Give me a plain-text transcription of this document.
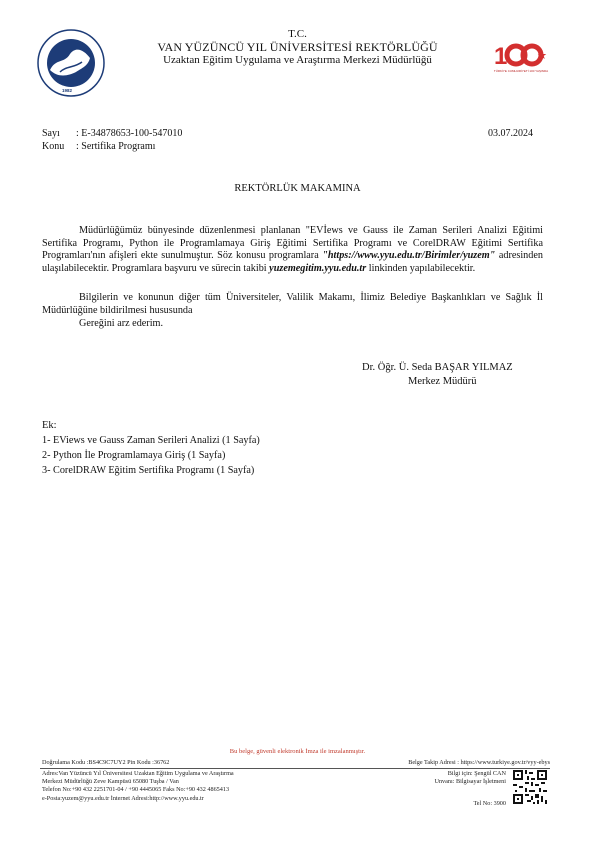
1982
1
TÜRKİYE CUMHURİYETİ 100 YAŞINDA
T.C.
VAN YÜZÜNCÜ YIL ÜNİVERSİTESİ REKTÖRLÜĞÜ
Uzaktan Eğitim Uygulama ve Araştırma Merkezi Müdürlüğü
Sayı : E-34878653-100-547010
Konu : Sertifika Programı
03.07.2024
REKTÖRLÜK MAKAMINA
Müdürlüğümüz bünyesinde düzenlenmesi planlanan "EVİews ve Gauss ile Zaman Serileri Analizi Eğitimi Sertifika Programı, Python ile Programlamaya Giriş Eğitimi Sertifika Programı ve CorelDRAW Eğitimi Sertifika Programları'nın afişleri ekte sunulmuştur. Söz konusu programlara "https://www.yyu.edu.tr/Birimler/yuzem" adresinden ulaşılabilecektir. Programlara başvuru ve sürecin takibi yuzemegitim.yyu.edu.tr linkinden yapılabilecektir.
Bilgilerin ve konunun diğer tüm Üniversiteler, Valilik Makamı, İlimiz Belediye Başkanlıkları ve Sağlık İl Müdürlüğüne bildirilmesi hususunda
Gereğini arz ederim.
Dr. Öğr. Ü. Seda BAŞAR YILMAZ
Merkez Müdürü
Ek:
1- EViews ve Gauss Zaman Serileri Analizi (1 Sayfa)
2- Python İle Programlamaya Giriş (1 Sayfa)
3- CorelDRAW Eğitim Sertifika Programı (1 Sayfa)
Bu belge, güvenli elektronik İmza ile imzalanmıştır.
Doğrulama Kodu :BS4C9C7UY2 Pin Kodu :36762	Belge Takip Adresi : https://www.turkiye.gov.tr/vyy-ebys
Adres:Van Yüzüncü Yıl Üniversitesi Uzaktan Eğitim Uygulama ve Araştırma
Merkezi Müdürlüğü Zeve Kampüsü 65080 Tuşba / Van
Telefon No:+90 432 2251701-04 / +90 4445065 Faks No:+90 432 4865413
e-Posta:yuzem@yyu.edu.tr İnternet Adresi:http://www.yyu.edu.tr
Bilgi için: Şengül CAN
Unvanı: Bilgisayar İşletmeni
Tel No: 3900
